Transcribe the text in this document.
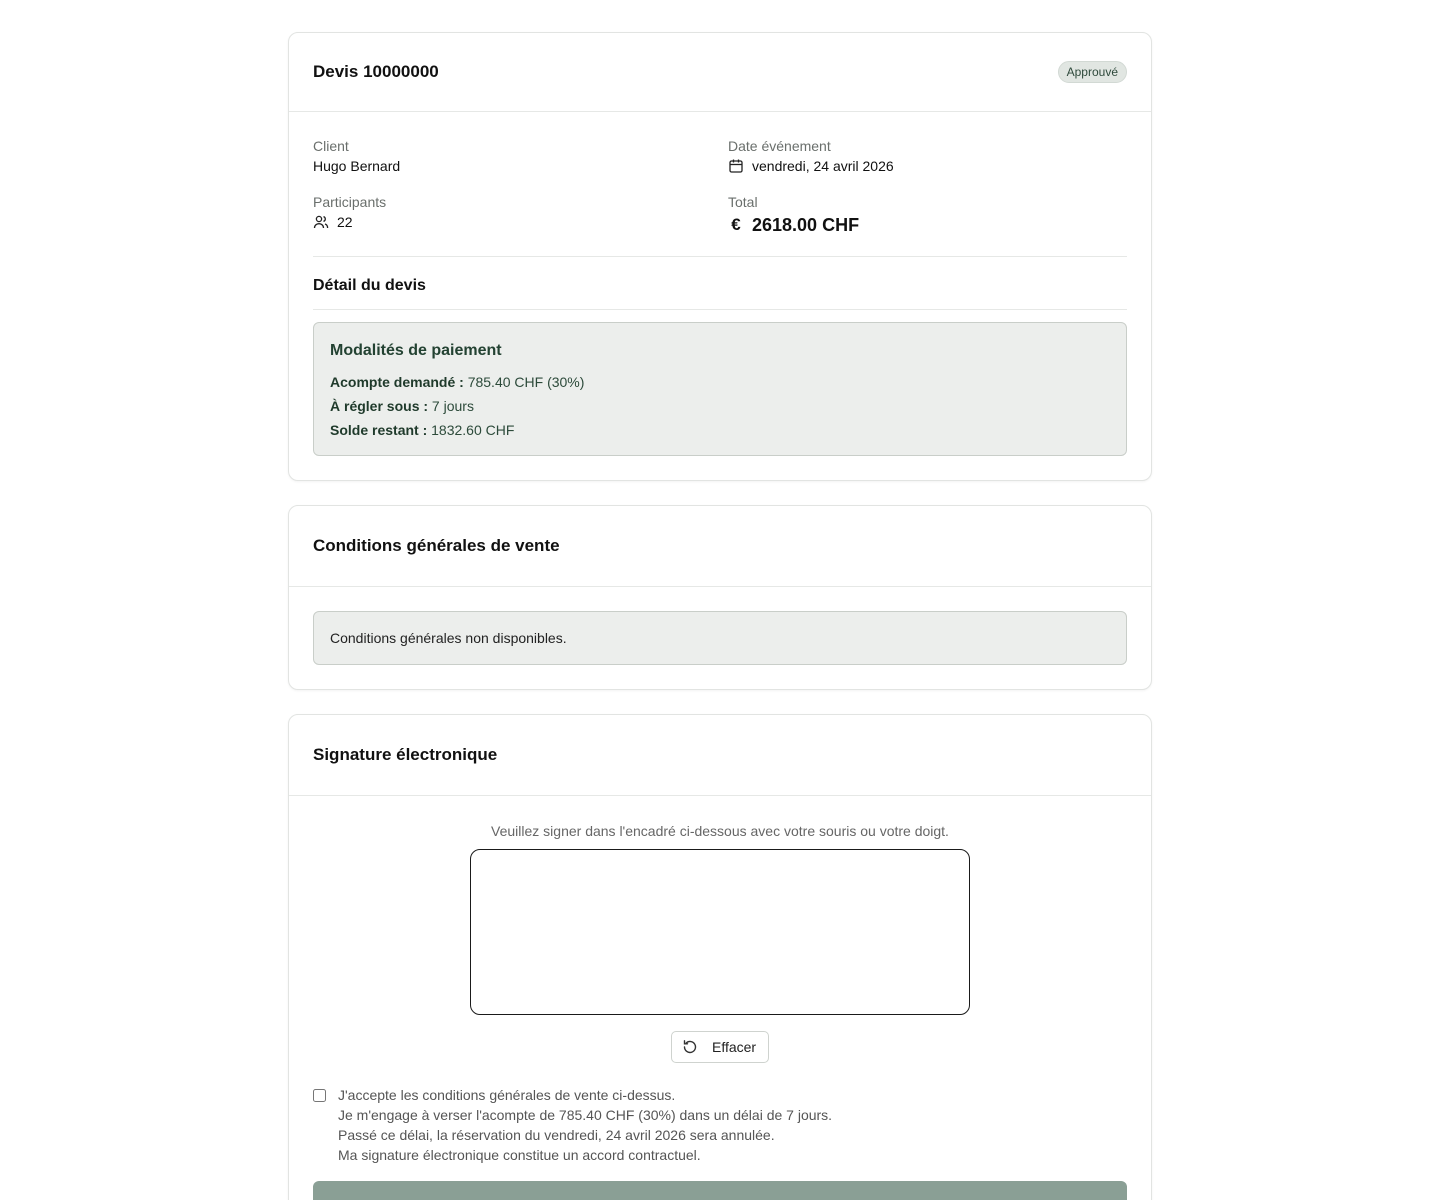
Devis 10000000	Approuvé
Client
Hugo Bernard
Date événement
vendredi, 24 avril 2026
Participants
22
Total
€ 2618.00 CHF
Détail du devis
Modalités de paiement
Acompte demandé : 785.40 CHF (30%)
À régler sous : 7 jours
Solde restant : 1832.60 CHF
Conditions générales de vente
Conditions générales non disponibles.
Signature électronique
Veuillez signer dans l'encadré ci-dessous avec votre souris ou votre doigt.
Effacer
J'accepte les conditions générales de vente ci-dessus.
Je m'engage à verser l'acompte de 785.40 CHF (30%) dans un délai de 7 jours.
Passé ce délai, la réservation du vendredi, 24 avril 2026 sera annulée.
Ma signature électronique constitue un accord contractuel.
